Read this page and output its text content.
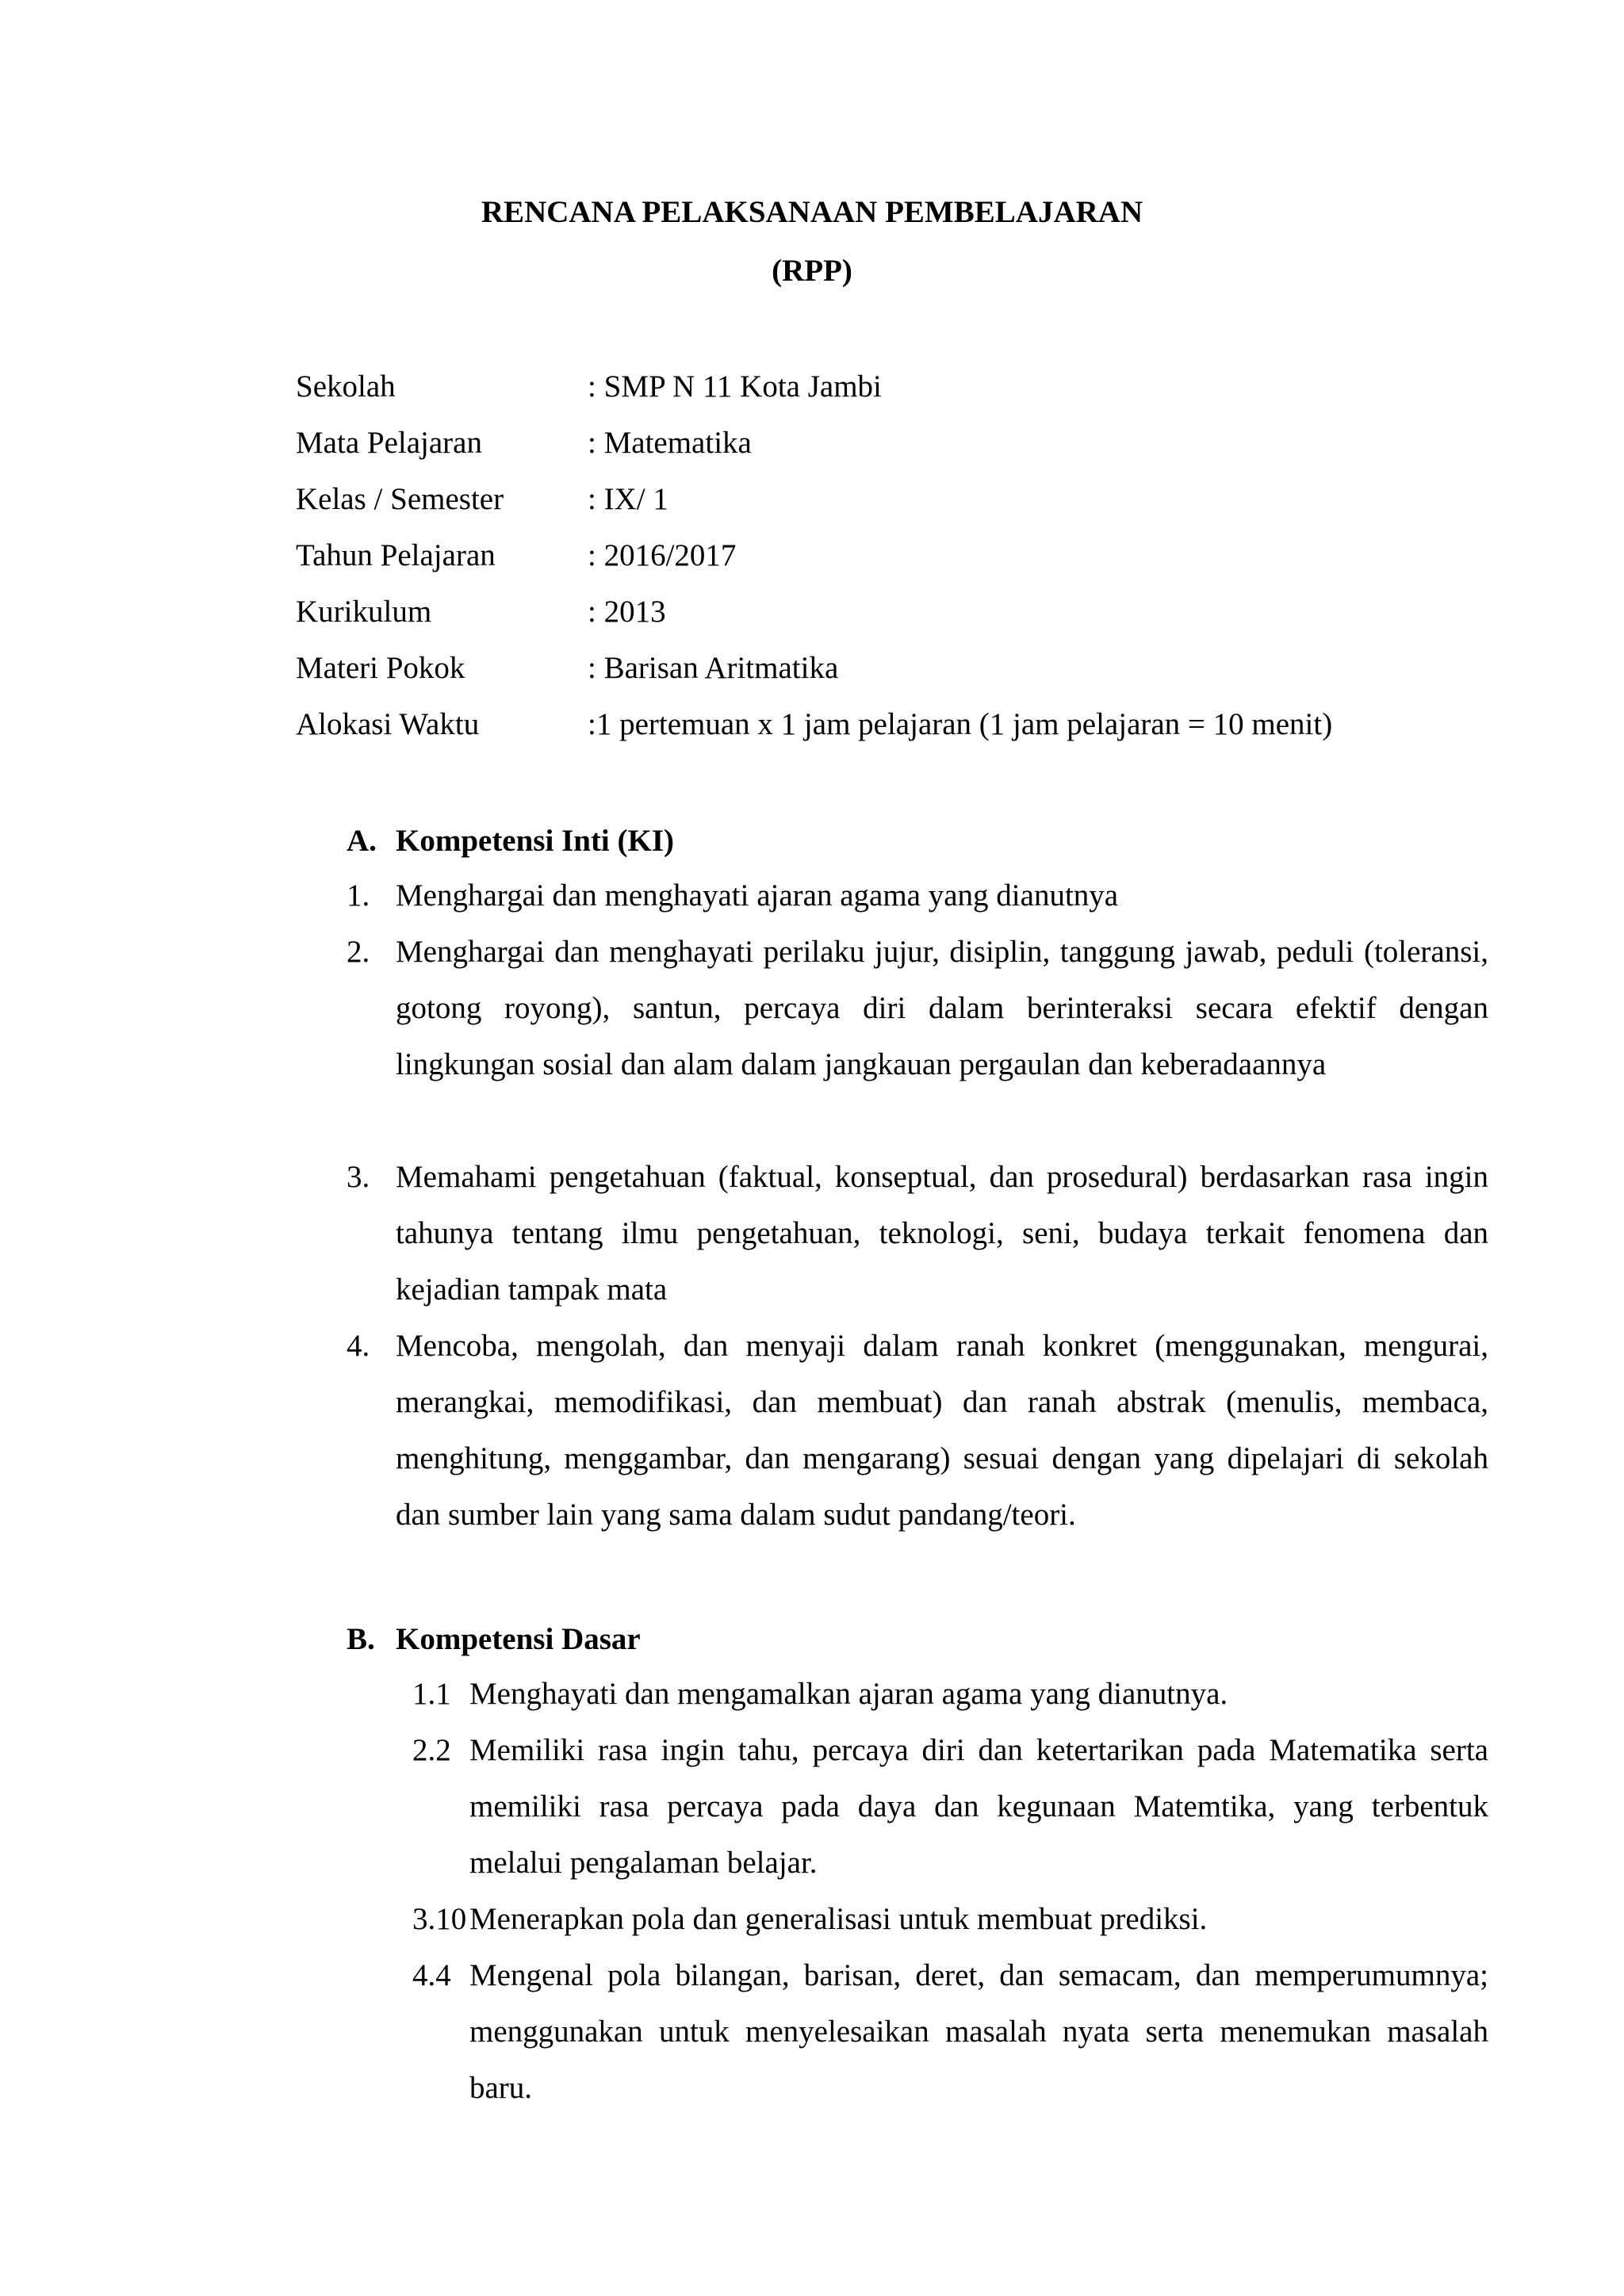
RENCANA PELAKSANAAN PEMBELAJARAN
(RPP)
Sekolah	: SMP N 11 Kota Jambi
Mata Pelajaran	: Matematika
Kelas / Semester	: IX/ 1
Tahun Pelajaran	: 2016/2017
Kurikulum	: 2013
Materi Pokok	: Barisan Aritmatika
Alokasi Waktu	:1 pertemuan x 1 jam pelajaran (1 jam pelajaran = 10 menit)
A. Kompetensi Inti (KI)
1. Menghargai dan menghayati ajaran agama yang dianutnya
2. Menghargai dan menghayati perilaku jujur, disiplin, tanggung jawab, peduli (toleransi, gotong royong), santun, percaya diri dalam berinteraksi secara efektif dengan lingkungan sosial dan alam dalam jangkauan pergaulan dan keberadaannya
3. Memahami pengetahuan (faktual, konseptual, dan prosedural) berdasarkan rasa ingin tahunya tentang ilmu pengetahuan, teknologi, seni, budaya terkait fenomena dan kejadian tampak mata
4. Mencoba, mengolah, dan menyaji dalam ranah konkret (menggunakan, mengurai, merangkai, memodifikasi, dan membuat) dan ranah abstrak (menulis, membaca, menghitung, menggambar, dan mengarang) sesuai dengan yang dipelajari di sekolah dan sumber lain yang sama dalam sudut pandang/teori.
B. Kompetensi Dasar
1.1 Menghayati dan mengamalkan ajaran agama yang dianutnya.
2.2 Memiliki rasa ingin tahu, percaya diri dan ketertarikan pada Matematika serta memiliki rasa percaya pada daya dan kegunaan Matemtika, yang terbentuk melalui pengalaman belajar.
3.10 Menerapkan pola dan generalisasi untuk membuat prediksi.
4.4 Mengenal pola bilangan, barisan, deret, dan semacam, dan memperumumnya; menggunakan untuk menyelesaikan masalah nyata serta menemukan masalah baru.
